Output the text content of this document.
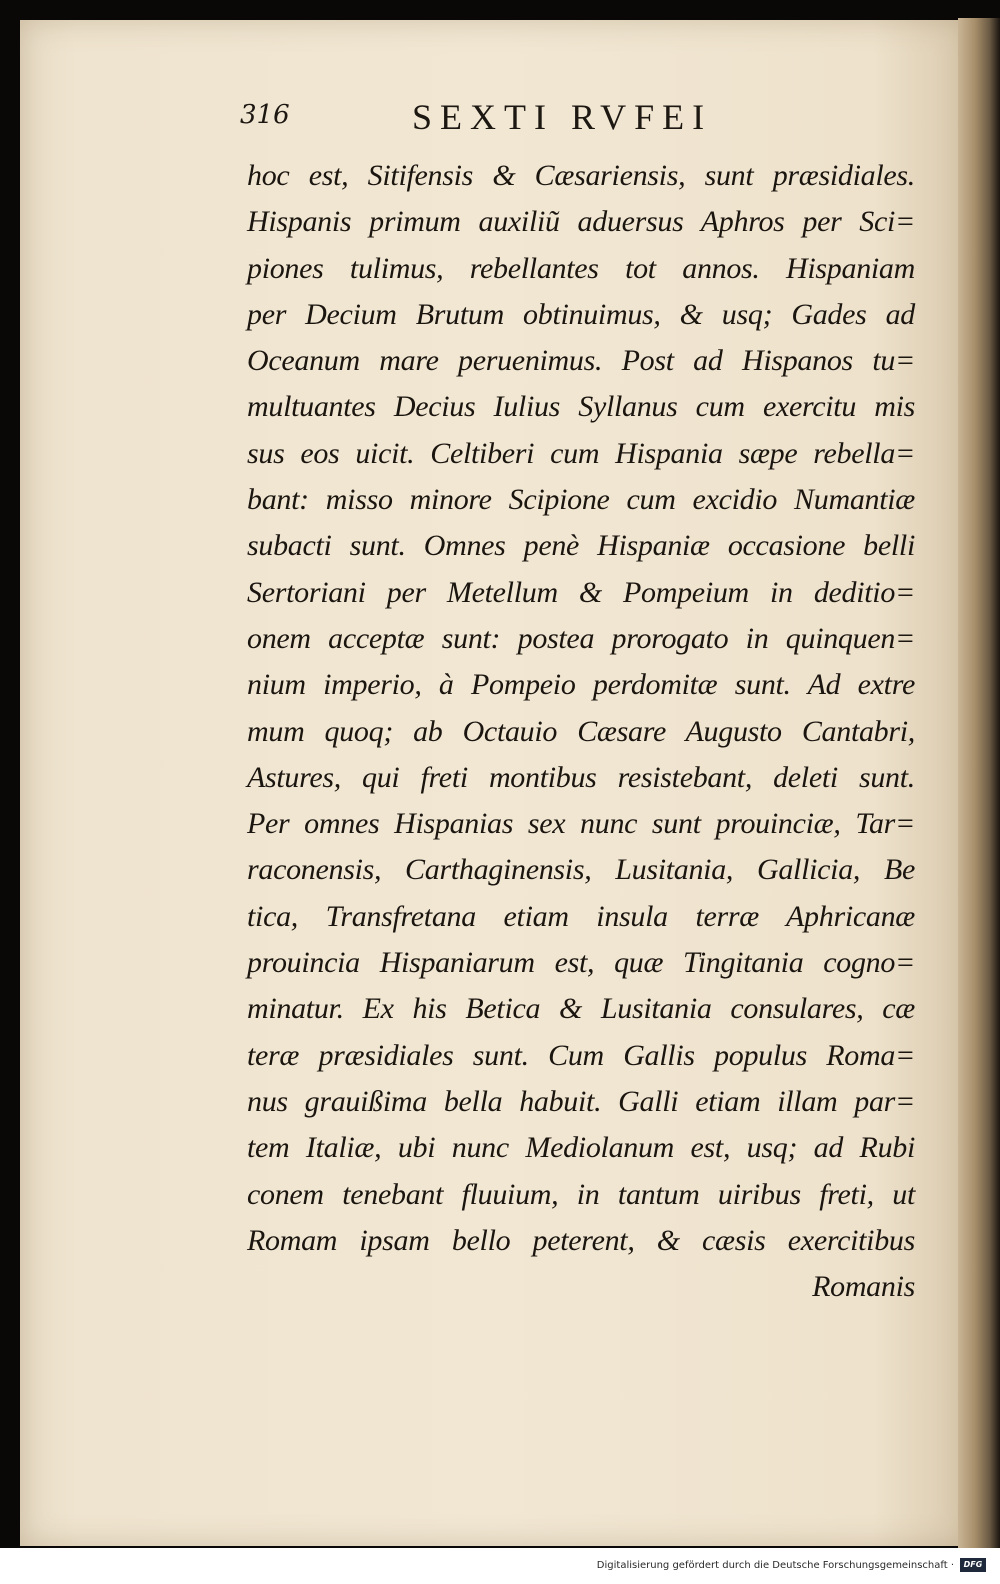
316	SEXTI RVFEI
hoc est, Sitifensis & Cæsariensis, sunt præsidiales.
Hispanis primum auxiliũ aduersus Aphros per Sci=
piones tulimus, rebellantes tot annos. Hispaniam
per Decium Brutum obtinuimus, & usq; Gades ad
Oceanum mare peruenimus. Post ad Hispanos tu=
multuantes Decius Iulius Syllanus cum exercitu mis
sus eos uicit. Celtiberi cum Hispania sæpe rebella=
bant: misso minore Scipione cum excidio Numantiæ
subacti sunt. Omnes penè Hispaniæ occasione belli
Sertoriani per Metellum & Pompeium in deditio=
onem acceptæ sunt: postea prorogato in quinquen=
nium imperio, à Pompeio perdomitæ sunt. Ad extre
mum quoq; ab Octauio Cæsare Augusto Cantabri,
Astures, qui freti montibus resistebant, deleti sunt.
Per omnes Hispanias sex nunc sunt prouinciæ, Tar=
raconensis, Carthaginensis, Lusitania, Gallicia, Be
tica, Transfretana etiam insula terræ Aphricanæ
prouincia Hispaniarum est, quæ Tingitania cogno=
minatur. Ex his Betica & Lusitania consulares, cæ
teræ præsidiales sunt. Cum Gallis populus Roma=
nus grauißima bella habuit. Galli etiam illam par=
tem Italiæ, ubi nunc Mediolanum est, usq; ad Rubi
conem tenebant fluuium, in tantum uiribus freti, ut
Romam ipsam bello peterent, & cæsis exercitibus
Romanis
Digitalisierung gefördert durch die Deutsche Forschungsgemeinschaft ·	DFG
